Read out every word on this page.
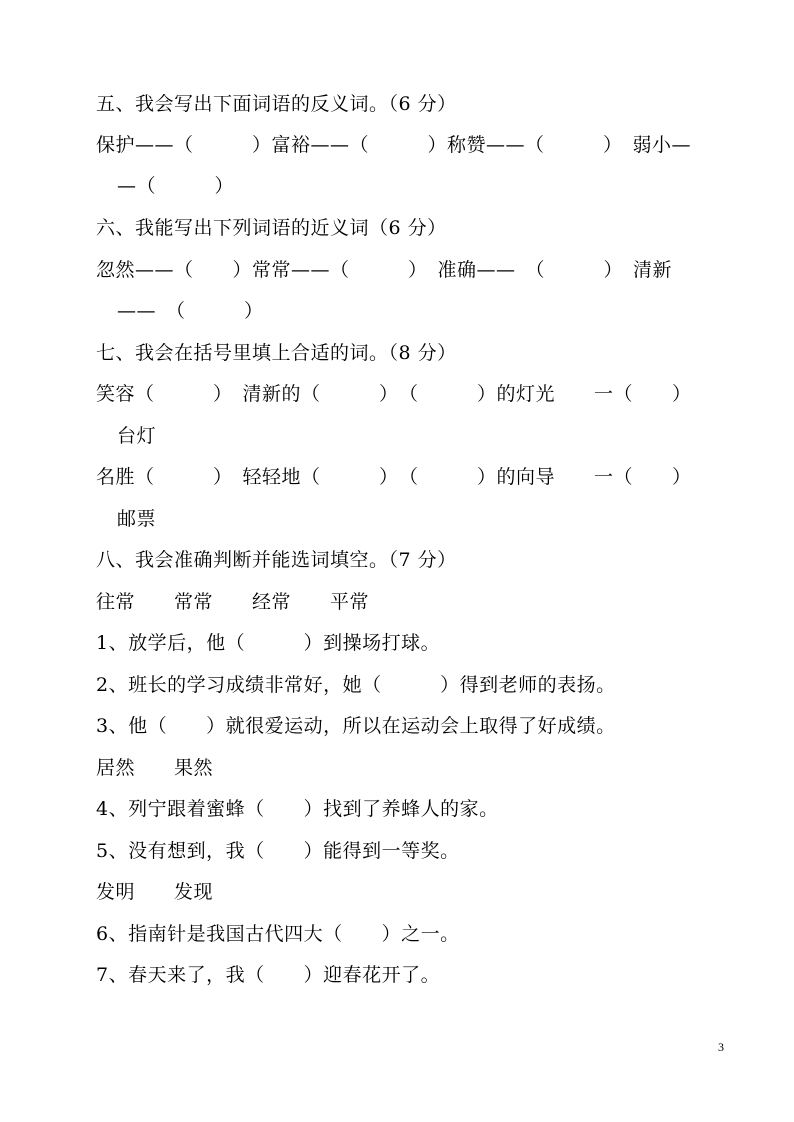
五、我会写出下面词语的反义词。（6 分）
保护——（　　　）富裕——（　　　）称赞——（　　　）　弱小—
—（　　　）
六、我能写出下列词语的近义词（6 分）
忽然——（　　）常常——（　　　）　准确——　（　　　）　清新
——　（　　　）
七、我会在括号里填上合适的词。（8 分）
笑容（　　　）　清新的（　　　）　（　　　）的灯光　　一（　　）
台灯
名胜（　　　）　轻轻地（　　　）　（　　　）的向导　　一（　　）
邮票
八、我会准确判断并能选词填空。（7 分）
往常　　常常　　经常　　平常
1、放学后，他（　　　）到操场打球。
2、班长的学习成绩非常好，她（　　　）得到老师的表扬。
3、他（　　）就很爱运动，所以在运动会上取得了好成绩。
居然　　果然
4、列宁跟着蜜蜂（　　）找到了养蜂人的家。
5、没有想到，我（　　）能得到一等奖。
发明　　发现
6、指南针是我国古代四大（　　）之一。
7、春天来了，我（　　）迎春花开了。
3
